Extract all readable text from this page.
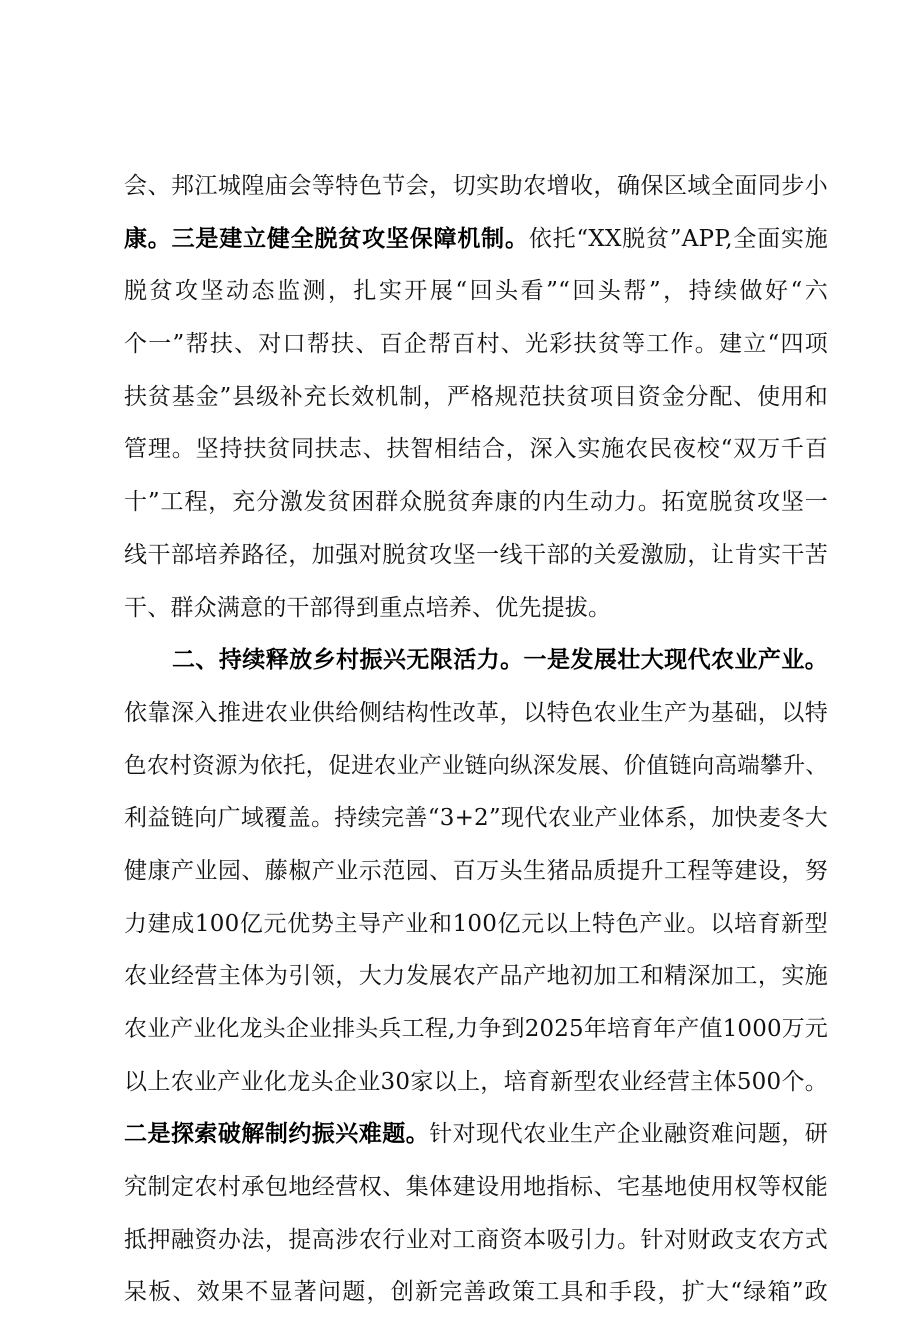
会、邦江城隍庙会等特色节会，切实助农增收，确保区域全面同步小
康。三是建立健全脱贫攻坚保障机制。依托“XX脱贫”APP,全面实施
脱贫攻坚动态监测，扎实开展“回头看”“回头帮”，持续做好“六
个一”帮扶、对口帮扶、百企帮百村、光彩扶贫等工作。建立“四项
扶贫基金”县级补充长效机制，严格规范扶贫项目资金分配、使用和
管理。坚持扶贫同扶志、扶智相结合，深入实施农民夜校“双万千百
十”工程，充分激发贫困群众脱贫奔康的内生动力。拓宽脱贫攻坚一
线干部培养路径，加强对脱贫攻坚一线干部的关爱激励，让肯实干苦
干、群众满意的干部得到重点培养、优先提拔。
二、持续释放乡村振兴无限活力。一是发展壮大现代农业产业。
依靠深入推进农业供给侧结构性改革，以特色农业生产为基础，以特
色农村资源为依托，促进农业产业链向纵深发展、价值链向高端攀升、
利益链向广域覆盖。持续完善“3+2”现代农业产业体系，加快麦冬大
健康产业园、藤椒产业示范园、百万头生猪品质提升工程等建设，努
力建成100亿元优势主导产业和100亿元以上特色产业。以培育新型
农业经营主体为引领，大力发展农产品产地初加工和精深加工，实施
农业产业化龙头企业排头兵工程,力争到2025年培育年产值1000万元
以上农业产业化龙头企业30家以上，培育新型农业经营主体500个。
二是探索破解制约振兴难题。针对现代农业生产企业融资难问题，研
究制定农村承包地经营权、集体建设用地指标、宅基地使用权等权能
抵押融资办法，提高涉农行业对工商资本吸引力。针对财政支农方式
呆板、效果不显著问题，创新完善政策工具和手段，扩大“绿箱”政
